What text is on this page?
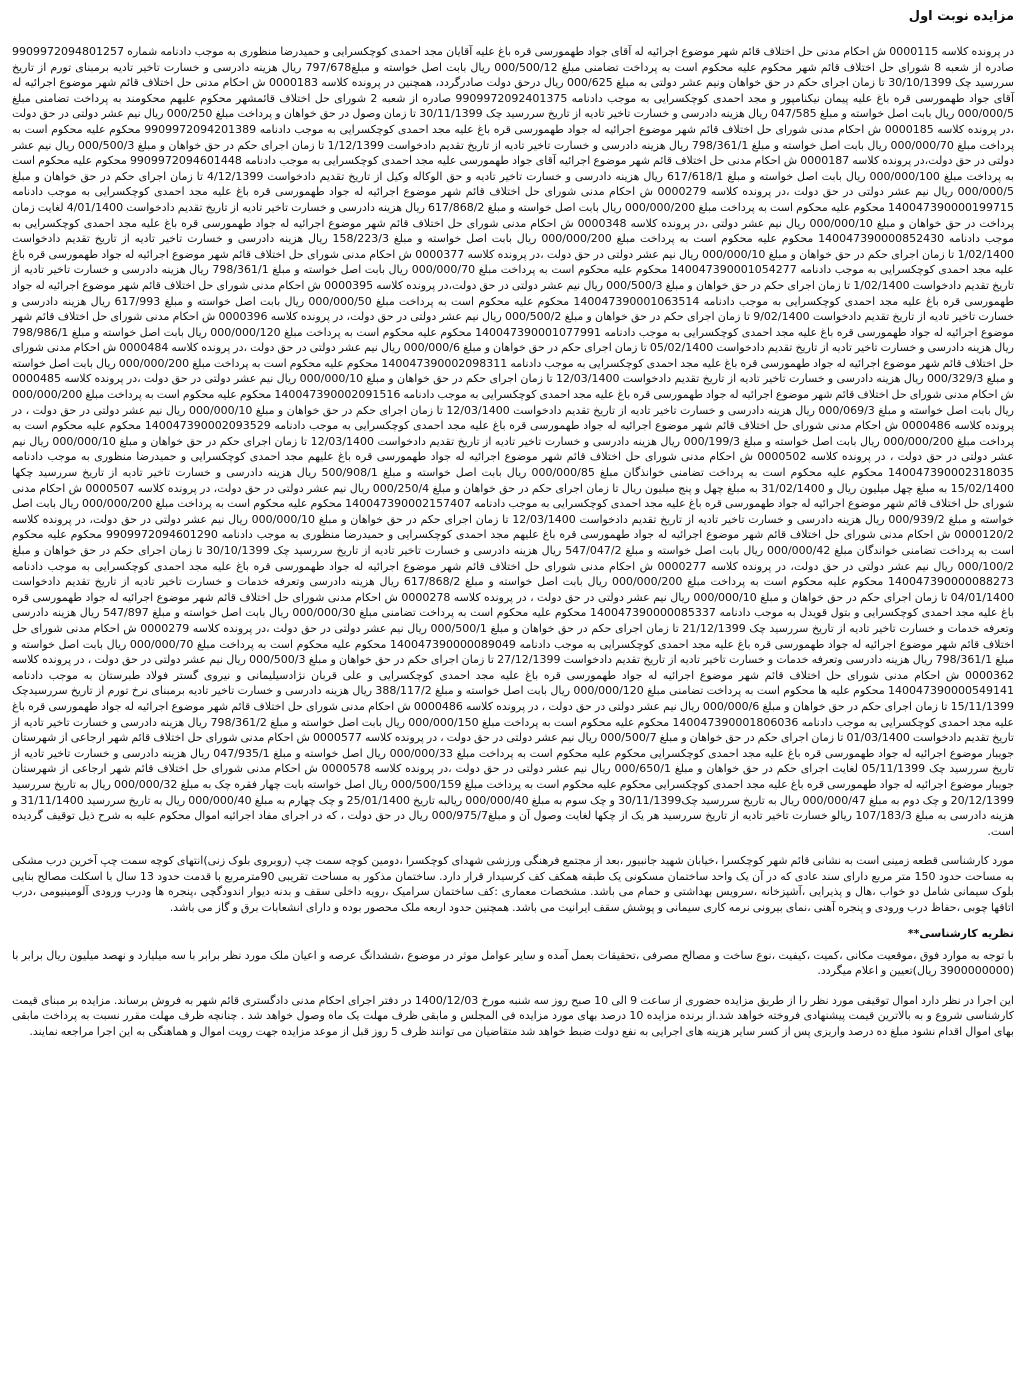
مزایده نوبت اول

در پرونده کلاسه 0000115 ش احکام مدنی حل اختلاف قائم شهر موضوع اجرائیه له آقای جواد طهمورسی قره باغ علیه آقایان مجد احمدی کوچکسرایی و حمیدرضا منظوری به موجب دادنامه شماره 9909972094801257 صادره از شعبه 8 شورای حل اختلاف قائم شهر محکوم علیه محکوم است به پرداخت تضامنی مبلغ 000/500/12 ریال بابت اصل خواسته و مبلغ797/678 ریال هزینه دادرسی و خسارت تاخیر تادیه برمبنای تورم از تاریخ سررسید چک 30/10/1399 تا زمان اجرای حکم در حق خواهان ونیم عشر دولتی به مبلغ 000/625 ریال درحق دولت صادرگردد، همچنین در پرونده کلاسه 0000183 ش احکام مدنی حل اختلاف قائم شهر موضوع اجرائیه له آقای جواد طهمورسی قره باغ علیه پیمان نیکنامپور و مجد احمدی کوچکسرایی به موجب دادنامه 9909972092401375 صادره از شعبه 2 شورای حل اختلاف قائمشهر محکوم علیهم محکومند به پرداخت تضامنی مبلغ 000/000/5 ریال بابت اصل خواسته و مبلغ 047/585 ریال هزینه دادرسی و خسارت تاخیر تادیه از تاریخ سررسید چک 30/11/1399 تا زمان وصول در حق خواهان و پرداخت مبلغ 000/250 ریال نیم عشر دولتی در حق دولت ،در پرونده کلاسه 0000185 ش احکام مدنی شورای حل اختلاف قائم شهر موضوع اجرائیه له جواد طهمورسی قره باغ علیه مجد احمدی کوچکسرایی به موجب دادنامه 9909972094201389 محکوم علیه محکوم است به پرداخت مبلغ 000/000/70 ریال بابت اصل خواسته و مبلغ 798/361/1 ریال هزینه دادرسی و خسارت تاخیر تادیه از تاریخ تقدیم دادخواست 1/12/1399 تا زمان اجرای حکم در حق خواهان و مبلغ 000/500/3 ریال نیم عشر دولتی در حق دولت،در پرونده کلاسه 0000187 ش احکام مدنی حل اختلاف قائم شهر موضوع اجرائیه آقای جواد طهمورسی علیه مجد احمدی کوچکسرایی به موجب دادنامه 9909972094601448 محکوم علیه محکوم است به پرداخت مبلغ 000/000/100 ریال بابت اصل خواسته و مبلغ 617/618/1 ریال هزینه دادرسی و خسارت تاخیر تادیه و حق الوکاله وکیل از تاریخ تقدیم دادخواست 4/12/1399 تا زمان اجرای حکم در حق خواهان و مبلغ 000/000/5 ریال نیم عشر دولتی در حق دولت ،در پرونده کلاسه 0000279 ش احکام مدنی شورای حل اختلاف قائم شهر موضوع اجرائیه له جواد طهمورسی قره باغ علیه مجد احمدی کوچکسرایی به موجب دادنامه 140047390000199715 محکوم علیه محکوم است به پرداخت مبلغ 000/000/200 ریال بابت اصل خواسته و مبلغ 617/868/2 ریال هزینه دادرسی و خسارت تاخیر تادیه از تاریخ تقدیم دادخواست 4/01/1400 لغایت زمان پرداخت در حق خواهان و مبلغ 000/000/10 ریال نیم عشر دولتی ،در پرونده کلاسه 0000348 ش احکام مدنی شورای حل اختلاف قائم شهر موضوع اجرائیه له جواد طهمورسی قره باغ علیه مجد احمدی کوچکسرایی به موجب دادنامه 140047390000852430 محکوم علیه محکوم است به پرداخت مبلغ 000/000/200 ریال بابت اصل خواسته و مبلغ 158/223/3 ریال هزینه دادرسی و خسارت تاخیر تادیه از تاریخ تقدیم دادخواست 1/02/1400 تا زمان اجرای حکم در حق خواهان و مبلغ 000/000/10 ریال نیم عشر دولتی در حق دولت ،در پرونده کلاسه 0000377 ش احکام مدنی شورای حل اختلاف قائم شهر موضوع اجرائیه له جواد طهمورسی قره باغ علیه مجد احمدی کوچکسرایی به موجب دادنامه 140047390001054277 محکوم علیه محکوم است به پرداخت مبلغ 000/000/70 ریال بابت اصل خواسته و مبلغ 798/361/1 ریال هزینه دادرسی و خسارت تاخیر تادیه از تاریخ تقدیم دادخواست 1/02/1400 تا زمان اجرای حکم در حق خواهان و مبلغ 000/500/3 ریال نیم عشر دولتی در حق دولت،در پرونده کلاسه 0000395 ش احکام مدنی شورای حل اختلاف قائم شهر موضوع اجرائیه له جواد طهمورسی قره باغ علیه مجد احمدی کوچکسرایی به موجب دادنامه 140047390001063514 محکوم علیه محکوم است به پرداخت مبلغ 000/000/50 ریال بابت اصل خواسته و مبلغ 617/993 ریال هزینه دادرسی و خسارت تاخیر تادیه از تاریخ تقدیم دادخواست 9/02/1400 تا زمان اجرای حکم در حق خواهان و مبلغ 000/500/2 ریال نیم عشر دولتی در حق دولت، در پرونده کلاسه 0000396 ش احکام مدنی شورای حل اختلاف قائم شهر موضوع اجرائیه له جواد طهمورسی قره باغ علیه مجد احمدی کوچکسرایی به موجب دادنامه 140047390001077991 محکوم علیه محکوم است به پرداخت مبلغ 000/000/120 ریال بابت اصل خواسته و مبلغ 798/986/1 ریال هزینه دادرسی و خسارت تاخیر تادیه از تاریخ تقدیم دادخواست 05/02/1400 تا زمان اجرای حکم در حق خواهان و مبلغ 000/000/6 ریال نیم عشر دولتی در حق دولت ،در پرونده کلاسه 0000484 ش احکام مدنی شورای حل اختلاف قائم شهر موضوع اجرائیه له جواد طهمورسی قره باغ علیه مجد احمدی کوچکسرایی به موجب دادنامه 140047390002098311 محکوم علیه محکوم است به پرداخت مبلغ 000/000/200 ریال بابت اصل خواسته و مبلغ 000/329/3 ریال هزینه دادرسی و خسارت تاخیر تادیه از تاریخ تقدیم دادخواست 12/03/1400 تا زمان اجرای حکم در حق خواهان و مبلغ 000/000/10 ریال نیم عشر دولتی در حق دولت ،در پرونده کلاسه 0000485 ش احکام مدنی شورای حل اختلاف قائم شهر موضوع اجرائیه له جواد طهمورسی قره باغ علیه مجد احمدی کوچکسرایی به موجب دادنامه 140047390002091516 محکوم علیه محکوم است به پرداخت مبلغ 000/000/200 ریال بابت اصل خواسته و مبلغ 000/069/3 ریال هزینه دادرسی و خسارت تاخیر تادیه از تاریخ تقدیم دادخواست 12/03/1400 تا زمان اجرای حکم در حق خواهان و مبلغ 000/000/10 ریال نیم عشر دولتی در حق دولت ، در پرونده کلاسه 0000486 ش احکام مدنی شورای حل اختلاف قائم شهر موضوع اجرائیه له جواد طهمورسی قره باغ علیه مجد احمدی کوچکسرایی به موجب دادنامه 140047390002093529 محکوم علیه محکوم است به پرداخت مبلغ 000/000/200 ریال بابت اصل خواسته و مبلغ 000/199/3 ریال هزینه دادرسی و خسارت تاخیر تادیه از تاریخ تقدیم دادخواست 12/03/1400 تا زمان اجرای حکم در حق خواهان و مبلغ 000/000/10 ریال نیم عشر دولتی در حق دولت ، در پرونده کلاسه 0000502 ش احکام مدنی شورای حل اختلاف قائم شهر موضوع اجرائیه له جواد طهمورسی قره باغ علیهم مجد احمدی کوچکسرایی و حمیدرضا منظوری به موجب دادنامه 140047390002318035 محکوم علیه محکوم است به پرداخت تضامنی خوانذگان مبلغ 000/000/85 ریال بابت اصل خواسته و مبلغ 500/908/1 ریال هزینه دادرسی و خسارت تاخیر تادیه از تاریخ سررسید چکها 15/02/1400 به مبلغ چهل میلیون ریال و 31/02/1400 به مبلغ چهل و پنج میلیون ریال تا زمان اجرای حکم در حق خواهان و مبلغ 000/250/4 ریال نیم عشر دولتی در حق دولت، در پرونده کلاسه 0000507 ش احکام مدنی شورای حل اختلاف قائم شهر موضوع اجرائیه له جواد طهمورسی قره باغ علیه مجد احمدی کوچکسرایی به موجب دادنامه 140047390002157407 محکوم علیه محکوم است به پرداخت مبلغ 000/000/200 ریال بابت اصل خواسته و مبلغ 000/939/2 ریال هزینه دادرسی و خسارت تاخیر تادیه از تاریخ تقدیم دادخواست 12/03/1400 تا زمان اجرای حکم در حق خواهان و مبلغ 000/000/10 ریال نیم عشر دولتی در حق دولت، در پرونده کلاسه 0000120/2 ش احکام مدنی شورای حل اختلاف قائم شهر موضوع اجرائیه له جواد طهمورسی قره باغ علیهم مجد احمدی کوچکسرایی و حمیدرضا منظوری به موجب دادنامه 9909972094601290 محکوم علیه محکوم است به پرداخت تضامنی خواندگان مبلغ 000/000/42 ریال بابت اصل خواسته و مبلغ 547/047/2 ریال هزینه دادرسی و خسارت تاخیر تادیه از تاریخ سررسید چک 30/10/1399 تا زمان اجرای حکم در حق خواهان و مبلغ 000/100/2 ریال نیم عشر دولتی در حق دولت، در پرونده کلاسه 0000277 ش احکام مدنی شورای حل اختلاف قائم شهر موضوع اجرائیه له جواد طهمورسی قره باغ علیه مجد احمدی کوچکسرایی به موجب دادنامه 140047390000088273 محکوم علیه محکوم است به پرداخت مبلغ 000/000/200 ریال بابت اصل خواسته و مبلغ 617/868/2 ریال هزینه دادرسی وتعرفه خدمات و خسارت تاخیر تادیه از تاریخ تقدیم دادخواست 04/01/1400 تا زمان اجرای حکم در حق خواهان و مبلغ 000/000/10 ریال نیم عشر دولتی در حق دولت ، در پرونده کلاسه 0000278 ش احکام مدنی شورای حل اختلاف قائم شهر موضوع اجرائیه له جواد طهمورسی قره باغ علیه مجد احمدی کوچکسرایی و بتول قویدل به موجب دادنامه 140047390000085337 محکوم علیه محکوم است به پرداخت تضامنی مبلغ 000/000/30 ریال بابت اصل خواسته و مبلغ 547/897 ریال هزینه دادرسی وتعرفه خدمات و خسارت تاخیر تادیه از تاریخ سررسید چک 21/12/1399 تا زمان اجرای حکم در حق خواهان و مبلغ 000/500/1 ریال نیم عشر دولتی در حق دولت ،در پرونده کلاسه 0000279 ش احکام مدنی شورای حل اختلاف قائم شهر موضوع اجرائیه له جواد طهمورسی قره باغ علیه مجد احمدی کوچکسرایی به موجب دادنامه 140047390000089049 محکوم علیه محکوم است به پرداخت مبلغ 000/000/70 ریال بابت اصل خواسته و مبلغ 798/361/1 ریال هزینه دادرسی وتعرفه خدمات و خسارت تاخیر تادیه از تاریخ تقدیم دادخواست 27/12/1399 تا زمان اجرای حکم در حق خواهان و مبلغ 000/500/3 ریال نیم عشر دولتی در حق دولت ، در پرونده کلاسه 0000362 ش احکام مدنی شورای حل اختلاف قائم شهر موضوع اجرائیه له جواد طهمورسی قره باغ علیه مجد احمدی کوچکسرایی و علی قربان نژادسیلیمانی و نیروی گستر فولاد طبرستان به موجب دادنامه 140047390000549141 محکوم علیه ها محکوم است به پرداخت تضامنی مبلغ 000/000/120 ریال بابت اصل خواسته و مبلغ 388/117/2 ریال هزینه دادرسی و خسارت تاخیر تادیه برمبنای نرخ تورم از تاریخ سررسیدچک 15/11/1399 تا زمان اجرای حکم در حق خواهان و مبلغ 000/000/6 ریال نیم عشر دولتی در حق دولت ، در پرونده کلاسه 0000486 ش احکام مدنی شورای حل اختلاف قائم شهر موضوع اجرائیه له جواد طهمورسی قره باغ علیه مجد احمدی کوچکسرایی به موجب دادنامه 140047390001806036 محکوم علیه محکوم است به پرداخت مبلغ 000/000/150 ریال بابت اصل خواسته و مبلغ 798/361/2 ریال هزینه دادرسی و خسارت تاخیر تادیه از تاریخ تقدیم دادخواست 01/03/1400 تا زمان اجرای حکم در حق خواهان و مبلغ 000/500/7 ریال نیم عشر دولتی در حق دولت ، در پرونده کلاسه 0000577 ش احکام مدنی شورای حل اختلاف قائم شهر ارجاعی از شهرستان جویبار موضوع اجرائیه له جواد طهمورسی قره باغ علیه مجد احمدی کوچکسرایی محکوم علیه محکوم است به پرداخت مبلغ 000/000/33 ریال اصل خواسته و مبلغ 047/935/1 ریال هزینه دادرسی و خسارت تاخیر تادیه از تاریخ سررسید چک 05/11/1399 لغایت اجرای حکم در حق خواهان و مبلغ 000/650/1 ریال نیم عشر دولتی در حق دولت ،در پرونده کلاسه 0000578 ش احکام مدنی شورای حل اختلاف قائم شهر ارجاعی از شهرستان جویبار موضوع اجرائیه له جواد طهمورسی قره باغ علیه مجد احمدی کوچکسرایی محکوم علیه محکوم است به پرداخت مبلغ 000/500/159 ریال اصل خواسته بابت چهار فقره چک به مبلغ 000/000/32 ریال به تاریخ سررسید 20/12/1399 و چک دوم به مبلغ 000/000/47 ریال به تاریخ سررسید چک30/11/1399 و چک سوم به مبلغ 000/000/40 ریالبه تاریخ 25/01/1400 و چک چهارم به مبلغ 000/000/40 ریال به تاریخ سررسید 31/11/1400 و هزینه دادرسی به مبلغ 107/183/3 ریالو خسارت تاخیر تادیه از تاریخ سررسید هر یک از چکها لغایت وصول آن و مبلغ000/975/7 ریال در حق دولت ، که در اجرای مفاد اجرائیه اموال محکوم علیه به شرح ذیل توقیف گردیده است.

مورد کارشناسی قطعه زمینی است به نشانی قائم شهر کوچکسرا ،خیابان شهید جانبیور ،بعد از مجتمع فرهنگی ورزشی شهدای کوچکسرا ،دومین کوچه سمت چپ (روبروی بلوک زنی)انتهای کوچه سمت چپ آخرین درب مشکی به مساحت حدود 150 متر مربع دارای سند عادی که در آن یک واحد ساختمان مسکونی یک طبقه همکف کف کرسیدار قرار دارد. ساختمان مذکور به مساحت تقریبی 90مترمربع با قدمت حدود 13 سال با اسکلت مصالح بنایی بلوک سیمانی شامل دو خواب ،هال و پذیرایی ،آشپزخانه ،سرویس بهداشتی و حمام می باشد. مشخصات معماری :کف ساختمان سرامیک ،رویه داخلی سقف و بدنه دیوار اندودگچی ،پنجره ها ودرب ورودی آلومینیومی ،درب اتاقها چوبی ،حفاظ درب ورودی و پنجره آهنی ،نمای بیرونی نرمه کاری سیمانی و پوشش سقف ایرانیت می باشد. همچنین حدود اربعه ملک محصور بوده و دارای انشعابات برق و گاز می باشد.

نظریه کارشناسی**

با توجه به موارد فوق ،موقعیت مکانی ،کمیت ،کیفیت ،نوع ساخت و مصالح مصرفی ،تحقیقات بعمل آمده و سایر عوامل موثر در موضوع ،ششدانگ عرصه و اعیان ملک مورد نظر برابر با سه میلیارد و نهصد میلیون ریال برابر با (3900000000 ریال)تعیین و اعلام میگردد.

این اجرا در نظر دارد اموال توقیفی مورد نظر را از طریق مزایده حضوری از ساعت 9 الی 10 صبح روز سه شنبه مورخ 1400/12/03 در دفتر اجرای احکام مدنی دادگستری قائم شهر به فروش برساند. مزایده بر مبنای قیمت کارشناسی شروع و به بالاترین قیمت پیشنهادی فروخته خواهد شد.از برنده مزایده 10 درصد بهای مورد مزایده فی المجلس و مابقی ظرف مهلت یک ماه وصول خواهد شد . چنانچه ظرف مهلت مقرر نسبت به پرداخت مابقی بهای اموال اقدام نشود مبلغ ده درصد واریزی پس از کسر سایر هزینه های اجرایی به نفع دولت ضبط خواهد شد متقاضیان می توانند ظرف 5 روز قبل از موعد مزایده جهت رویت اموال و هماهنگی به این اجرا مراجعه نمایند.
